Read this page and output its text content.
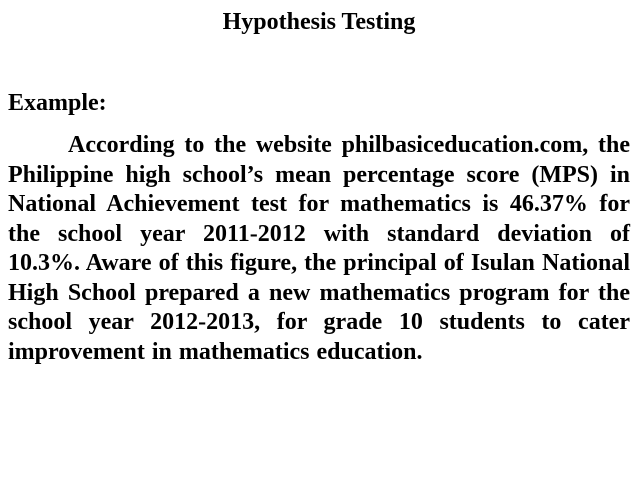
Hypothesis Testing
Example:

According to the website philbasiceducation.com, the Philippine high school’s mean percentage score (MPS) in National Achievement test for mathematics is 46.37% for the school year 2011-2012 with standard deviation of 10.3%. Aware of this figure, the principal of Isulan National High School prepared a new mathematics program for the school year 2012-2013, for grade 10 students to cater improvement in mathematics education.
